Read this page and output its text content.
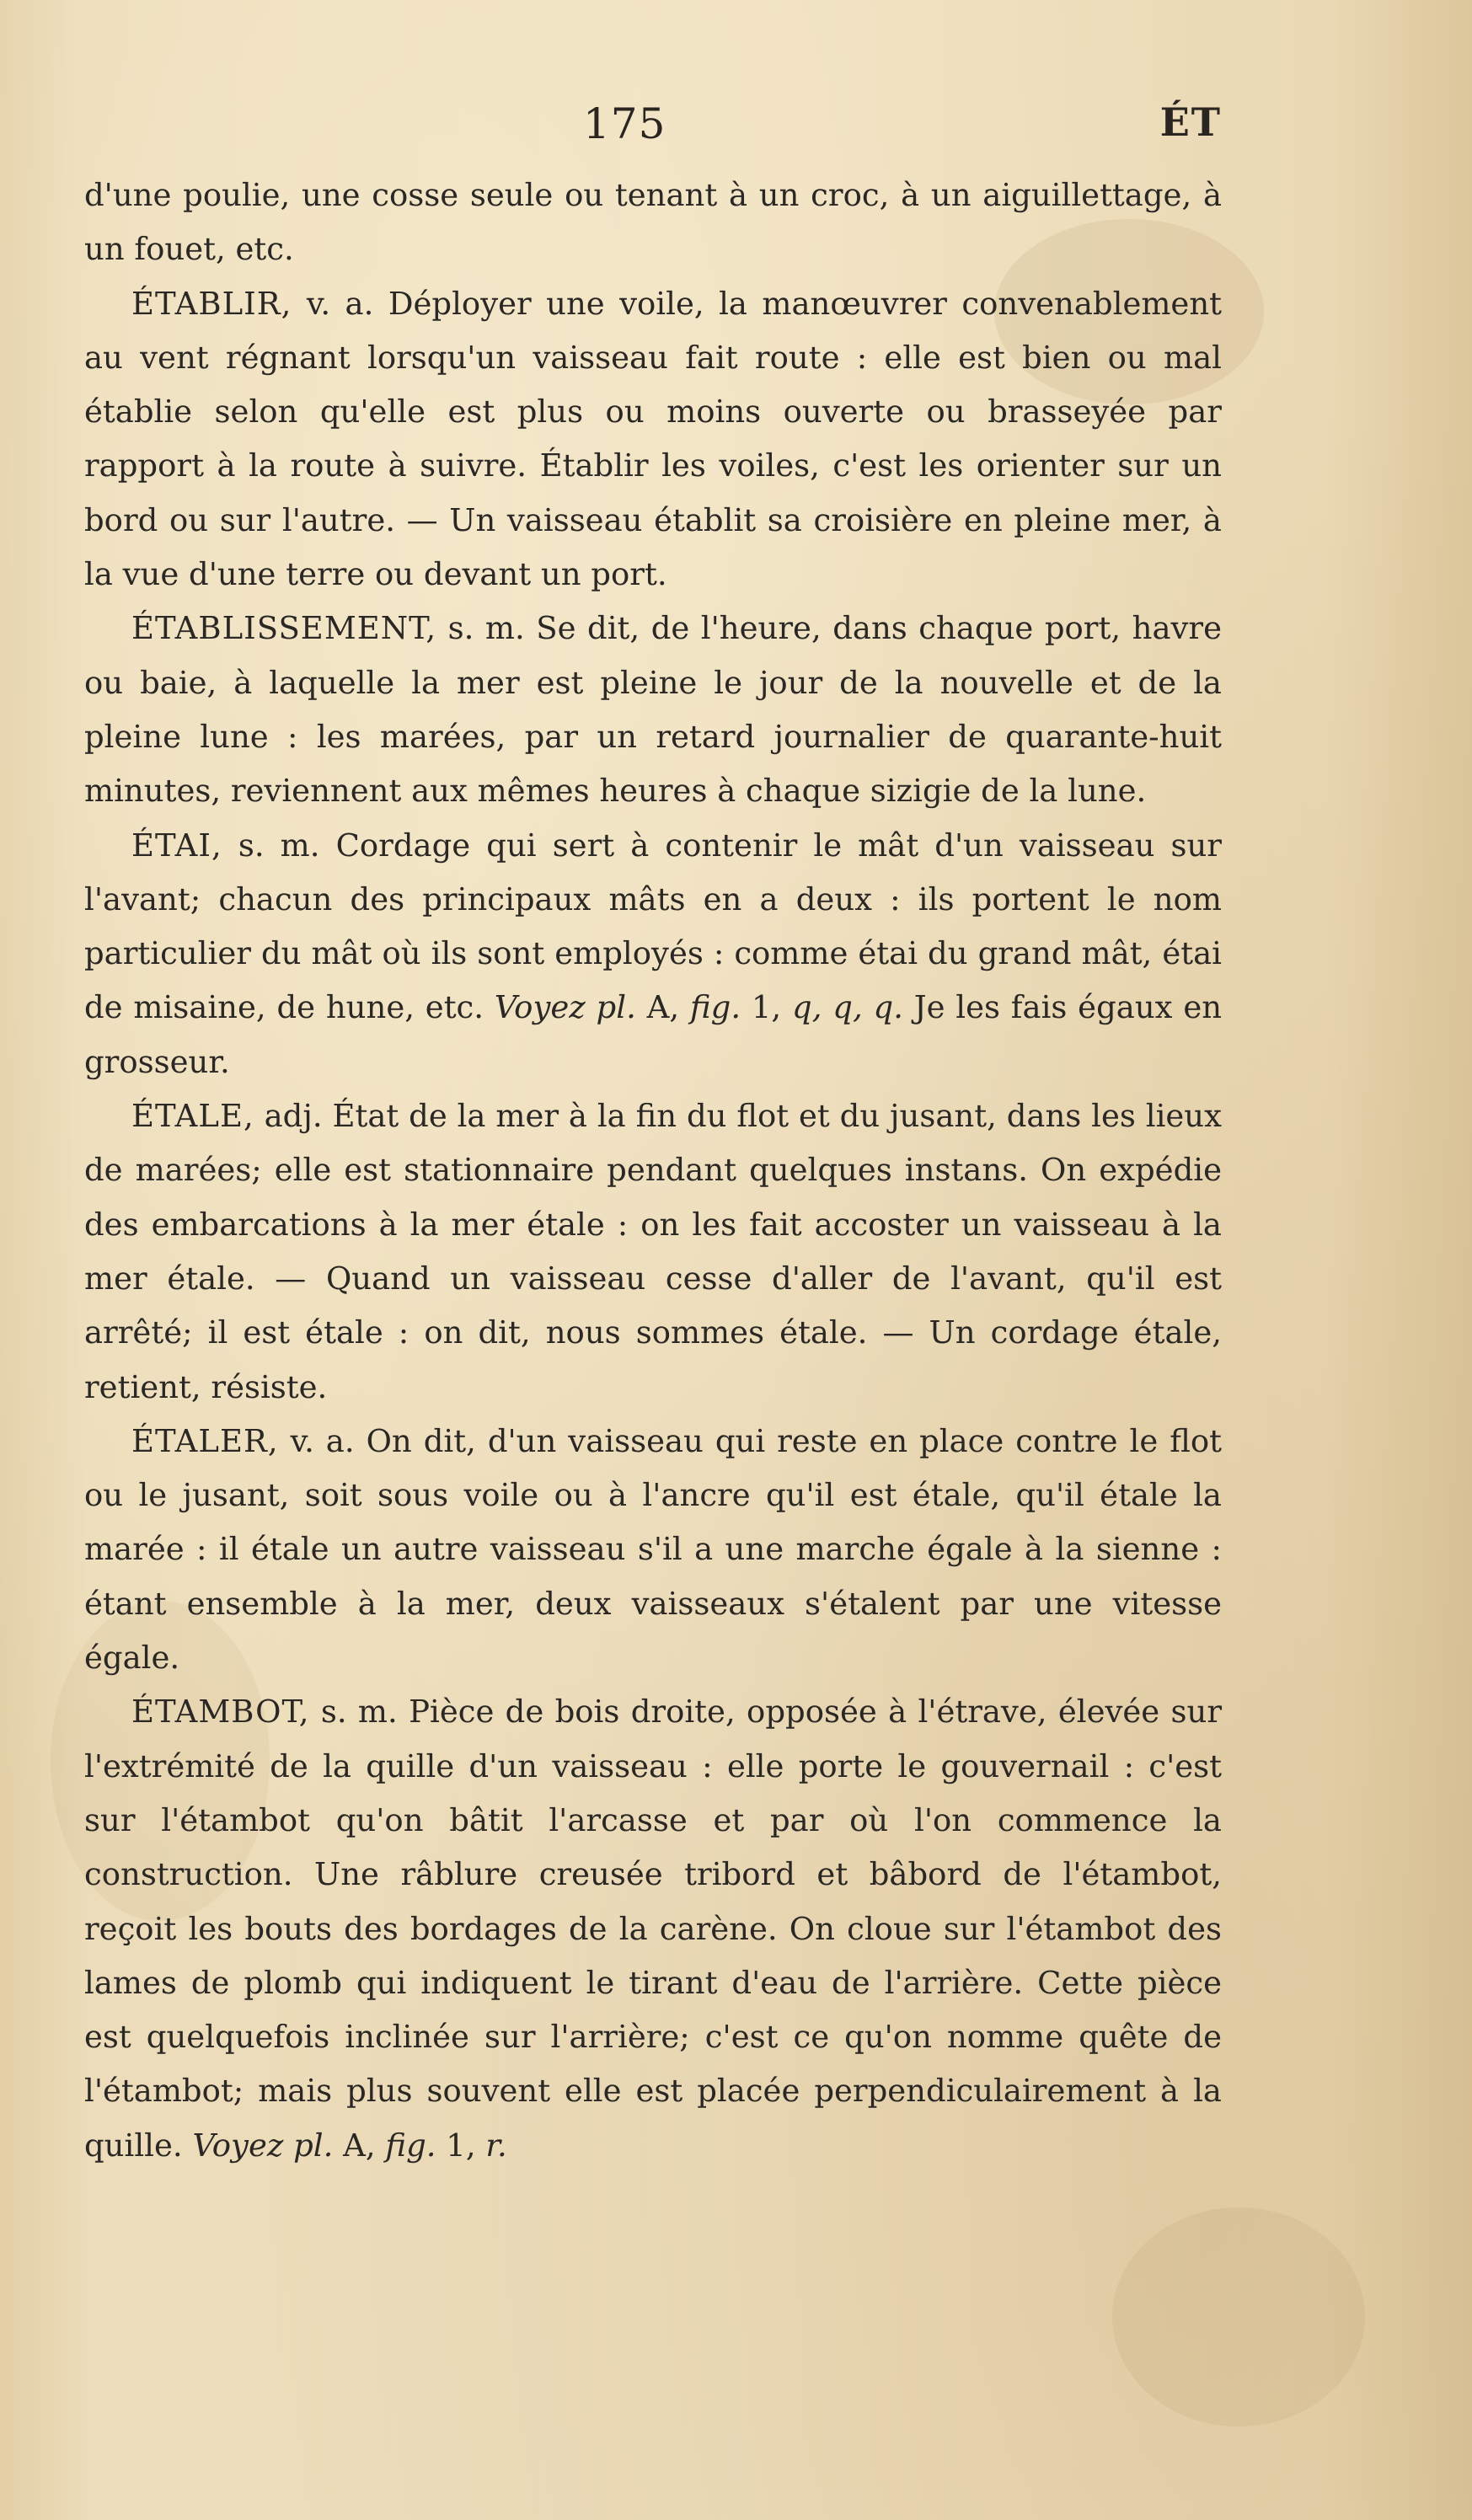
175	ÉT

d'une poulie, une cosse seule ou tenant à un croc, à un aiguillettage, à un fouet, etc.

ÉTABLIR, v. a. Déployer une voile, la manœuvrer convenablement au vent régnant lorsqu'un vaisseau fait route : elle est bien ou mal établie selon qu'elle est plus ou moins ouverte ou brasseyée par rapport à la route à suivre. Établir les voiles, c'est les orienter sur un bord ou sur l'autre. — Un vaisseau établit sa croisière en pleine mer, à la vue d'une terre ou devant un port.

ÉTABLISSEMENT, s. m. Se dit, de l'heure, dans chaque port, havre ou baie, à laquelle la mer est pleine le jour de la nouvelle et de la pleine lune : les marées, par un retard journalier de quarante-huit minutes, reviennent aux mêmes heures à chaque sizigie de la lune.

ÉTAI, s. m. Cordage qui sert à contenir le mât d'un vaisseau sur l'avant; chacun des principaux mâts en a deux : ils portent le nom particulier du mât où ils sont employés : comme étai du grand mât, étai de misaine, de hune, etc. Voyez pl. A, fig. 1, q, q, q. Je les fais égaux en grosseur.

ÉTALE, adj. État de la mer à la fin du flot et du jusant, dans les lieux de marées; elle est stationnaire pendant quelques instans. On expédie des embarcations à la mer étale : on les fait accoster un vaisseau à la mer étale. — Quand un vaisseau cesse d'aller de l'avant, qu'il est arrêté; il est étale : on dit, nous sommes étale. — Un cordage étale, retient, résiste.

ÉTALER, v. a. On dit, d'un vaisseau qui reste en place contre le flot ou le jusant, soit sous voile ou à l'ancre qu'il est étale, qu'il étale la marée : il étale un autre vaisseau s'il a une marche égale à la sienne : étant ensemble à la mer, deux vaisseaux s'étalent par une vitesse égale.

ÉTAMBOT, s. m. Pièce de bois droite, opposée à l'étrave, élevée sur l'extrémité de la quille d'un vaisseau : elle porte le gouvernail : c'est sur l'étambot qu'on bâtit l'arcasse et par où l'on commence la construction. Une râblure creusée tribord et bâbord de l'étambot, reçoit les bouts des bordages de la carène. On cloue sur l'étambot des lames de plomb qui indiquent le tirant d'eau de l'arrière. Cette pièce est quelquefois inclinée sur l'arrière; c'est ce qu'on nomme quête de l'étambot; mais plus souvent elle est placée perpendiculairement à la quille. Voyez pl. A, fig. 1, r.
